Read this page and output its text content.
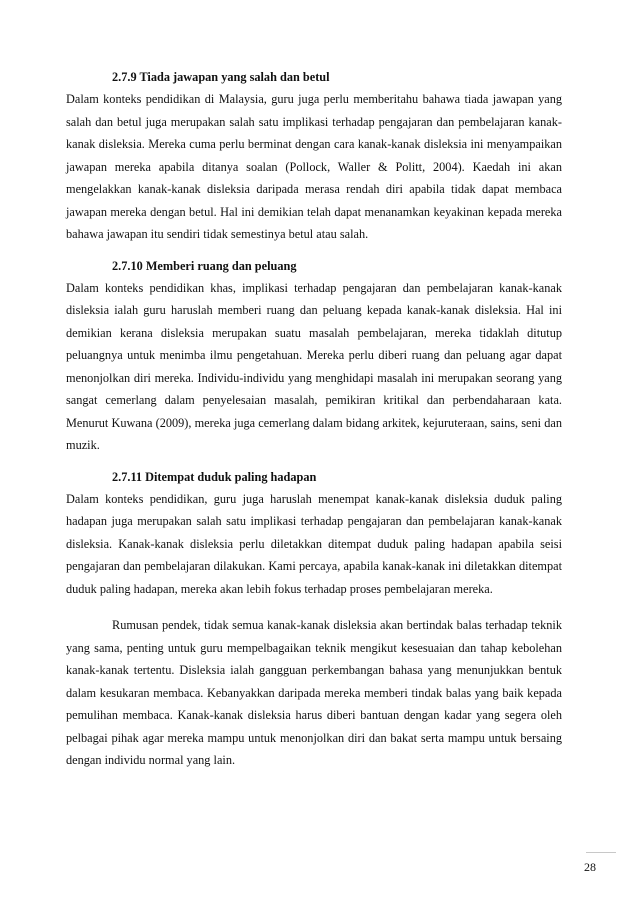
2.7.9 Tiada jawapan yang salah dan betul

Dalam konteks pendidikan di Malaysia, guru juga perlu memberitahu bahawa tiada jawapan yang salah dan betul juga merupakan salah satu implikasi terhadap pengajaran dan pembelajaran kanak-kanak disleksia. Mereka cuma perlu berminat dengan cara kanak-kanak disleksia ini menyampaikan jawapan mereka apabila ditanya soalan (Pollock, Waller & Politt, 2004). Kaedah ini akan mengelakkan kanak-kanak disleksia daripada merasa rendah diri apabila tidak dapat membaca jawapan mereka dengan betul. Hal ini demikian telah dapat menanamkan keyakinan kepada mereka bahawa jawapan itu sendiri tidak semestinya betul atau salah.

2.7.10 Memberi ruang dan peluang

Dalam konteks pendidikan khas, implikasi terhadap pengajaran dan pembelajaran kanak-kanak disleksia ialah guru haruslah memberi ruang dan peluang kepada kanak-kanak disleksia. Hal ini demikian kerana disleksia merupakan suatu masalah pembelajaran, mereka tidaklah ditutup peluangnya untuk menimba ilmu pengetahuan. Mereka perlu diberi ruang dan peluang agar dapat menonjolkan diri mereka. Individu-individu yang menghidapi masalah ini merupakan seorang yang sangat cemerlang dalam penyelesaian masalah, pemikiran kritikal dan perbendaharaan kata. Menurut Kuwana (2009), mereka juga cemerlang dalam bidang arkitek, kejuruteraan, sains, seni dan muzik.

2.7.11 Ditempat duduk paling hadapan

Dalam konteks pendidikan, guru juga haruslah menempat kanak-kanak disleksia duduk paling hadapan juga merupakan salah satu implikasi terhadap pengajaran dan pembelajaran kanak-kanak disleksia. Kanak-kanak disleksia perlu diletakkan ditempat duduk paling hadapan apabila seisi pengajaran dan pembelajaran dilakukan. Kami percaya, apabila kanak-kanak ini diletakkan ditempat duduk paling hadapan, mereka akan lebih fokus terhadap proses pembelajaran mereka.

Rumusan pendek, tidak semua kanak-kanak disleksia akan bertindak balas terhadap teknik yang sama, penting untuk guru mempelbagaikan teknik mengikut kesesuaian dan tahap kebolehan kanak-kanak tertentu. Disleksia ialah gangguan perkembangan bahasa yang menunjukkan bentuk dalam kesukaran membaca. Kebanyakkan daripada mereka memberi tindak balas yang baik kepada pemulihan membaca. Kanak-kanak disleksia harus diberi bantuan dengan kadar yang segera oleh pelbagai pihak agar mereka mampu untuk menonjolkan diri dan bakat serta mampu untuk bersaing dengan individu normal yang lain.

28
